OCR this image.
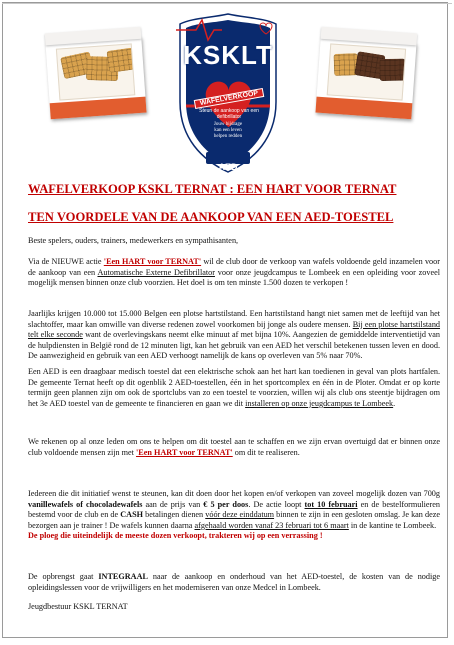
KSKLT
WAFELVERKOOP
Steun de aankoop van een defibrillator
Jouw bijdrage
kan een leven
helpen redden
AED
WAFELVERKOOP KSKL TERNAT : EEN HART VOOR TERNAT
TEN VOORDELE VAN DE AANKOOP VAN EEN AED-TOESTEL
Beste spelers, ouders, trainers, medewerkers en sympathisanten,
Via de NIEUWE actie 'Een HART voor TERNAT' wil de club door de verkoop van wafels voldoende geld inzamelen voor de aankoop van een Automatische Externe Defibrillator voor onze jeugdcampus te Lombeek en een opleiding voor zoveel mogelijk mensen binnen onze club voorzien. Het doel is om ten minste 1.500 dozen te verkopen !
Jaarlijks krijgen 10.000 tot 15.000 Belgen een plotse hartstilstand. Een hartstilstand hangt niet samen met de leeftijd van het slachtoffer, maar kan omwille van diverse redenen zowel voorkomen bij jonge als oudere mensen. Bij een plotse hartstilstand telt elke seconde want de overlevingskans neemt elke minuut af met bijna 10%. Aangezien de gemiddelde interventietijd van de hulpdiensten in België rond de 12 minuten ligt, kan het gebruik van een AED het verschil betekenen tussen leven en dood. De aanwezigheid en gebruik van een AED verhoogt namelijk de kans op overleven van 5% naar 70%.
Een AED is een draagbaar medisch toestel dat een elektrische schok aan het hart kan toedienen in geval van plots hartfalen. De gemeente Ternat heeft op dit ogenblik 2 AED-toestellen, één in het sportcomplex en één in de Ploter. Omdat er op korte termijn geen plannen zijn om ook de sportclubs van zo een toestel te voorzien, willen wij als club ons steentje bijdragen om het 3e AED toestel van de gemeente te financieren en gaan we dit installeren op onze jeugdcampus te Lombeek.
We rekenen op al onze leden om ons te helpen om dit toestel aan te schaffen en we zijn ervan overtuigd dat er binnen onze club voldoende mensen zijn met 'Een HART voor TERNAT' om dit te realiseren.
Iedereen die dit initiatief wenst te steunen, kan dit doen door het kopen en/of verkopen van zoveel mogelijk dozen van 700g vanillewafels of chocoladewafels aan de prijs van € 5 per doos. De actie loopt tot 10 februari en de bestelformulieren bestemd voor de club en de CASH betalingen dienen vóór deze einddatum binnen te zijn in een gesloten omslag. Je kan deze bezorgen aan je trainer ! De wafels kunnen daarna afgehaald worden vanaf 23 februari tot 6 maart in de kantine te Lombeek.
De ploeg die uiteindelijk de meeste dozen verkoopt, trakteren wij op een verrassing !
De opbrengst gaat INTEGRAAL naar de aankoop en onderhoud van het AED-toestel, de kosten van de nodige opleidingslessen voor de vrijwilligers en het moderniseren van onze Medcel in Lombeek.
Jeugdbestuur KSKL TERNAT
